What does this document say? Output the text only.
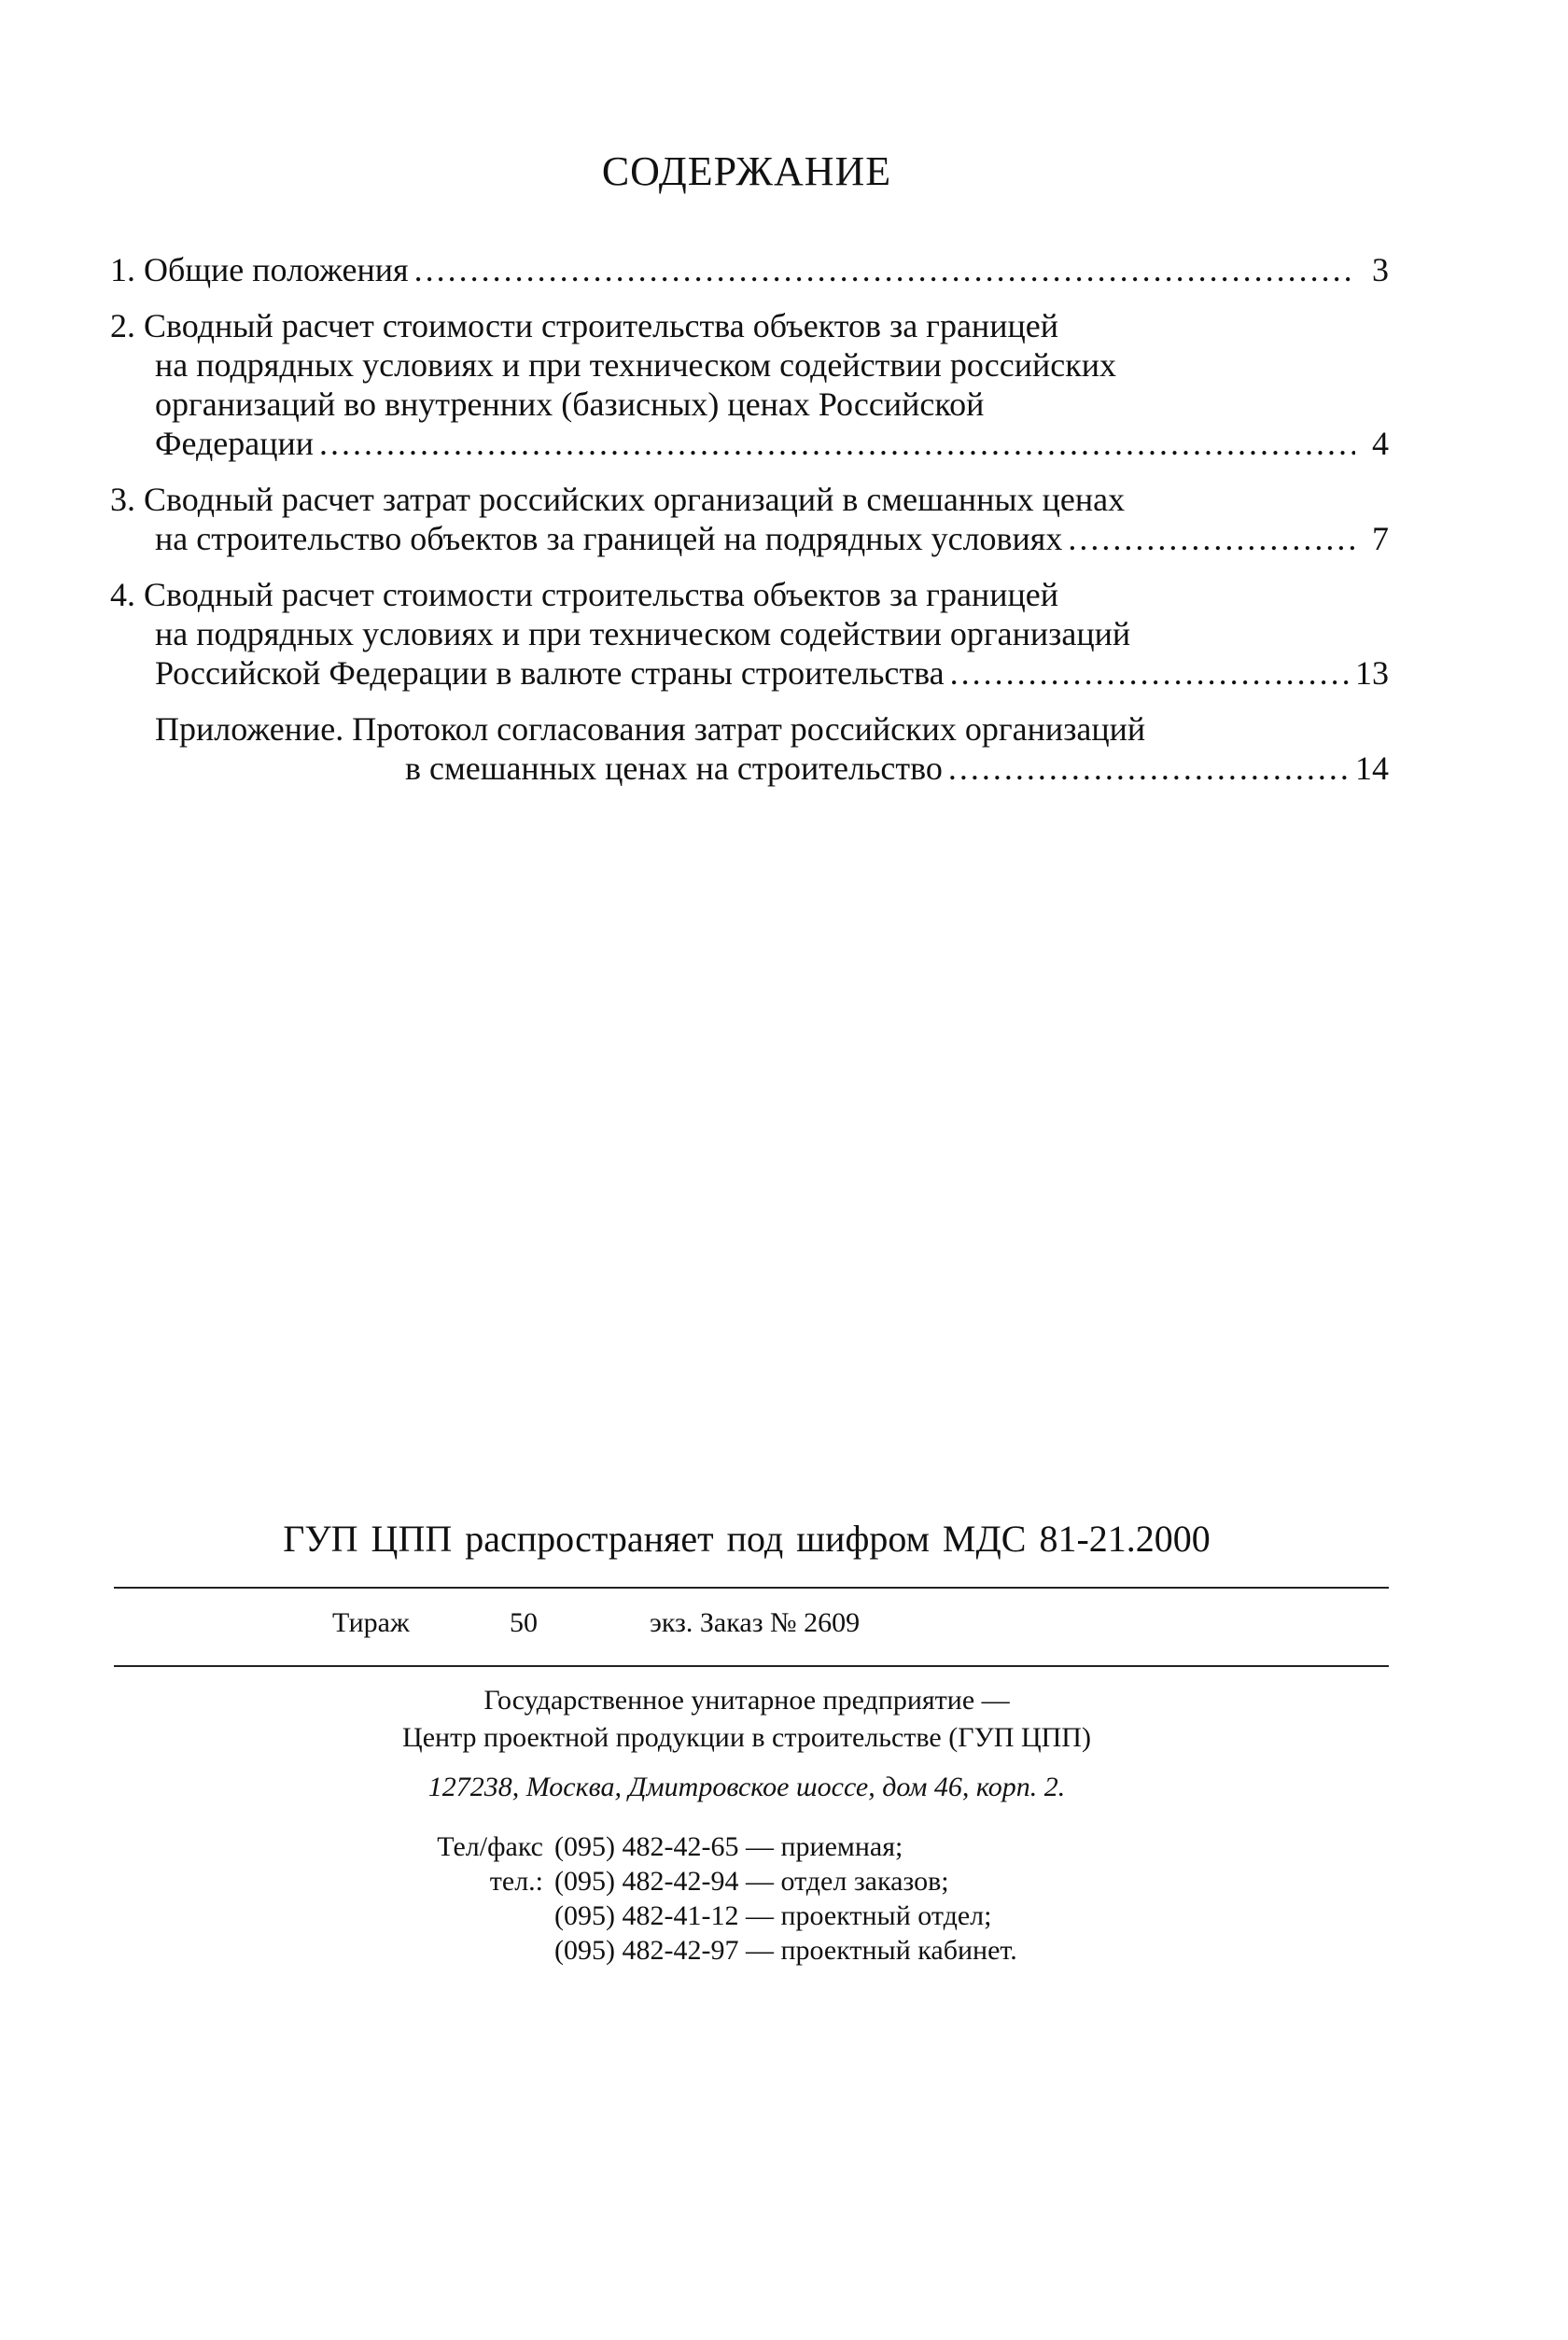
СОДЕРЖАНИЕ
1. Общие положения .....	3
2. Сводный расчет стоимости строительства объектов за границей
на подрядных условиях и при техническом содействии российских
организаций во внутренних (базисных) ценах Российской
Федерации .....	4
3. Сводный расчет затрат российских организаций в смешанных ценах
на строительство объектов за границей на подрядных условиях .....	7
4. Сводный расчет стоимости строительства объектов за границей
на подрядных условиях и при техническом содействии организаций
Российской Федерации в валюте страны строительства .....	13
Приложение. Протокол согласования затрат российских организаций
в смешанных ценах на строительство .....	14
ГУП ЦПП распространяет под шифром МДС 81-21.2000
Тираж	50	экз. Заказ № 2609
Государственное унитарное предприятие —
Центр проектной продукции в строительстве (ГУП ЦПП)
127238, Москва, Дмитровское шоссе, дом 46, корп. 2.
Тел/факс (095) 482-42-65 — приемная;
тел.: (095) 482-42-94 — отдел заказов;
(095) 482-41-12 — проектный отдел;
(095) 482-42-97 — проектный кабинет.
